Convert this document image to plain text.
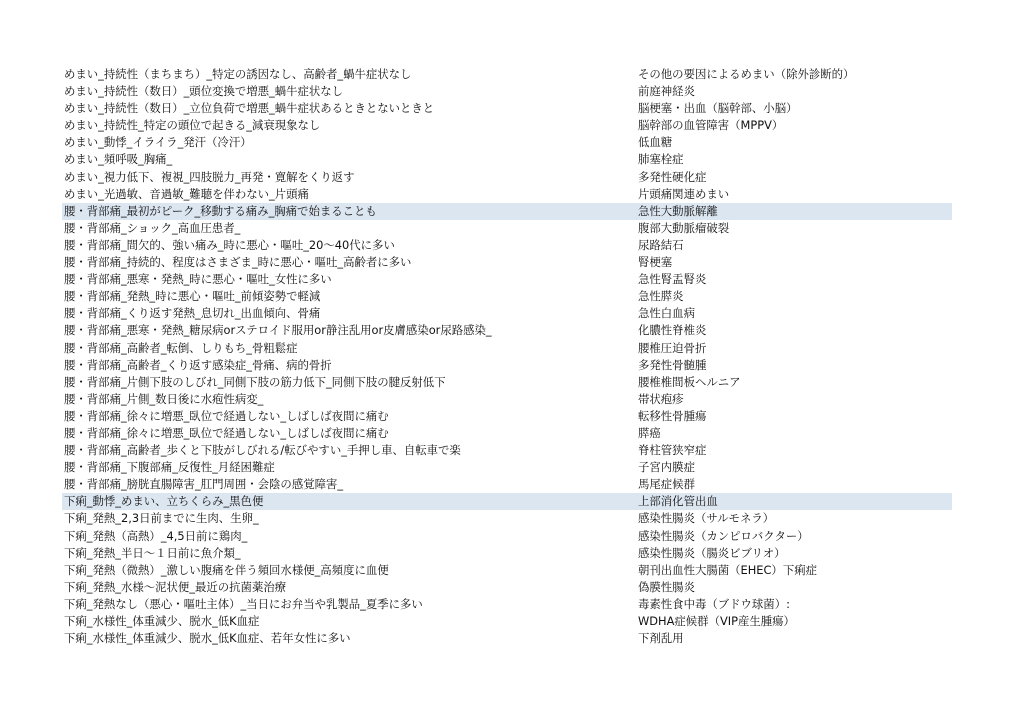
めまい_持続性（まちまち）_特定の誘因なし、高齢者_蝸牛症状なし	その他の要因によるめまい（除外診断的）
めまい_持続性（数日）_頭位変換で増悪_蝸牛症状なし	前庭神経炎
めまい_持続性（数日）_立位負荷で増悪_蝸牛症状あるときとないときと	脳梗塞・出血（脳幹部、小脳）
めまい_持続性_特定の頭位で起きる_減衰現象なし	脳幹部の血管障害（MPPV）
めまい_動悸_イライラ_発汗（冷汗）	低血糖
めまい_頻呼吸_胸痛_	肺塞栓症
めまい_視力低下、複視_四肢脱力_再発・寛解をくり返す	多発性硬化症
めまい_光過敏、音過敏_難聴を伴わない_片頭痛	片頭痛関連めまい
腰・背部痛_最初がピーク_移動する痛み_胸痛で始まることも	急性大動脈解離
腰・背部痛_ショック_高血圧患者_	腹部大動脈瘤破裂
腰・背部痛_間欠的、強い痛み_時に悪心・嘔吐_20～40代に多い	尿路結石
腰・背部痛_持続的、程度はさまざま_時に悪心・嘔吐_高齢者に多い	腎梗塞
腰・背部痛_悪寒・発熱_時に悪心・嘔吐_女性に多い	急性腎盂腎炎
腰・背部痛_発熱_時に悪心・嘔吐_前傾姿勢で軽減	急性膵炎
腰・背部痛_くり返す発熱_息切れ_出血傾向、骨痛	急性白血病
腰・背部痛_悪寒・発熱_糖尿病orステロイド服用or静注乱用or皮膚感染or尿路感染_	化膿性脊椎炎
腰・背部痛_高齢者_転倒、しりもち_骨粗鬆症	腰椎圧迫骨折
腰・背部痛_高齢者_くり返す感染症_骨痛、病的骨折	多発性骨髄腫
腰・背部痛_片側下肢のしびれ_同側下肢の筋力低下_同側下肢の腱反射低下	腰椎椎間板ヘルニア
腰・背部痛_片側_数日後に水疱性病変_	帯状疱疹
腰・背部痛_徐々に増悪_臥位で経過しない_しばしば夜間に痛む	転移性骨腫瘍
腰・背部痛_徐々に増悪_臥位で経過しない_しばしば夜間に痛む	膵癌
腰・背部痛_高齢者_歩くと下肢がしびれる/転びやすい_手押し車、自転車で楽	脊柱管狭窄症
腰・背部痛_下腹部痛_反復性_月経困難症	子宮内膜症
腰・背部痛_膀胱直腸障害_肛門周囲・会陰の感覚障害_	馬尾症候群
下痢_動悸_めまい、立ちくらみ_黒色便	上部消化管出血
下痢_発熱_2,3日前までに生肉、生卵_	感染性腸炎（サルモネラ）
下痢_発熱（高熱）_4,5日前に鶏肉_	感染性腸炎（カンピロバクター）
下痢_発熱_半日～１日前に魚介類_	感染性腸炎（腸炎ビブリオ）
下痢_発熱（微熱）_激しい腹痛を伴う頻回水様便_高頻度に血便	朝刊出血性大腸菌（EHEC）下痢症
下痢_発熱_水様～泥状便_最近の抗菌薬治療	偽膜性腸炎
下痢_発熱なし（悪心・嘔吐主体）_当日にお弁当や乳製品_夏季に多い	毒素性食中毒（ブドウ球菌）:
下痢_水様性_体重減少、脱水_低K血症	WDHA症候群（VIP産生腫瘍）
下痢_水様性_体重減少、脱水_低K血症、若年女性に多い	下剤乱用
